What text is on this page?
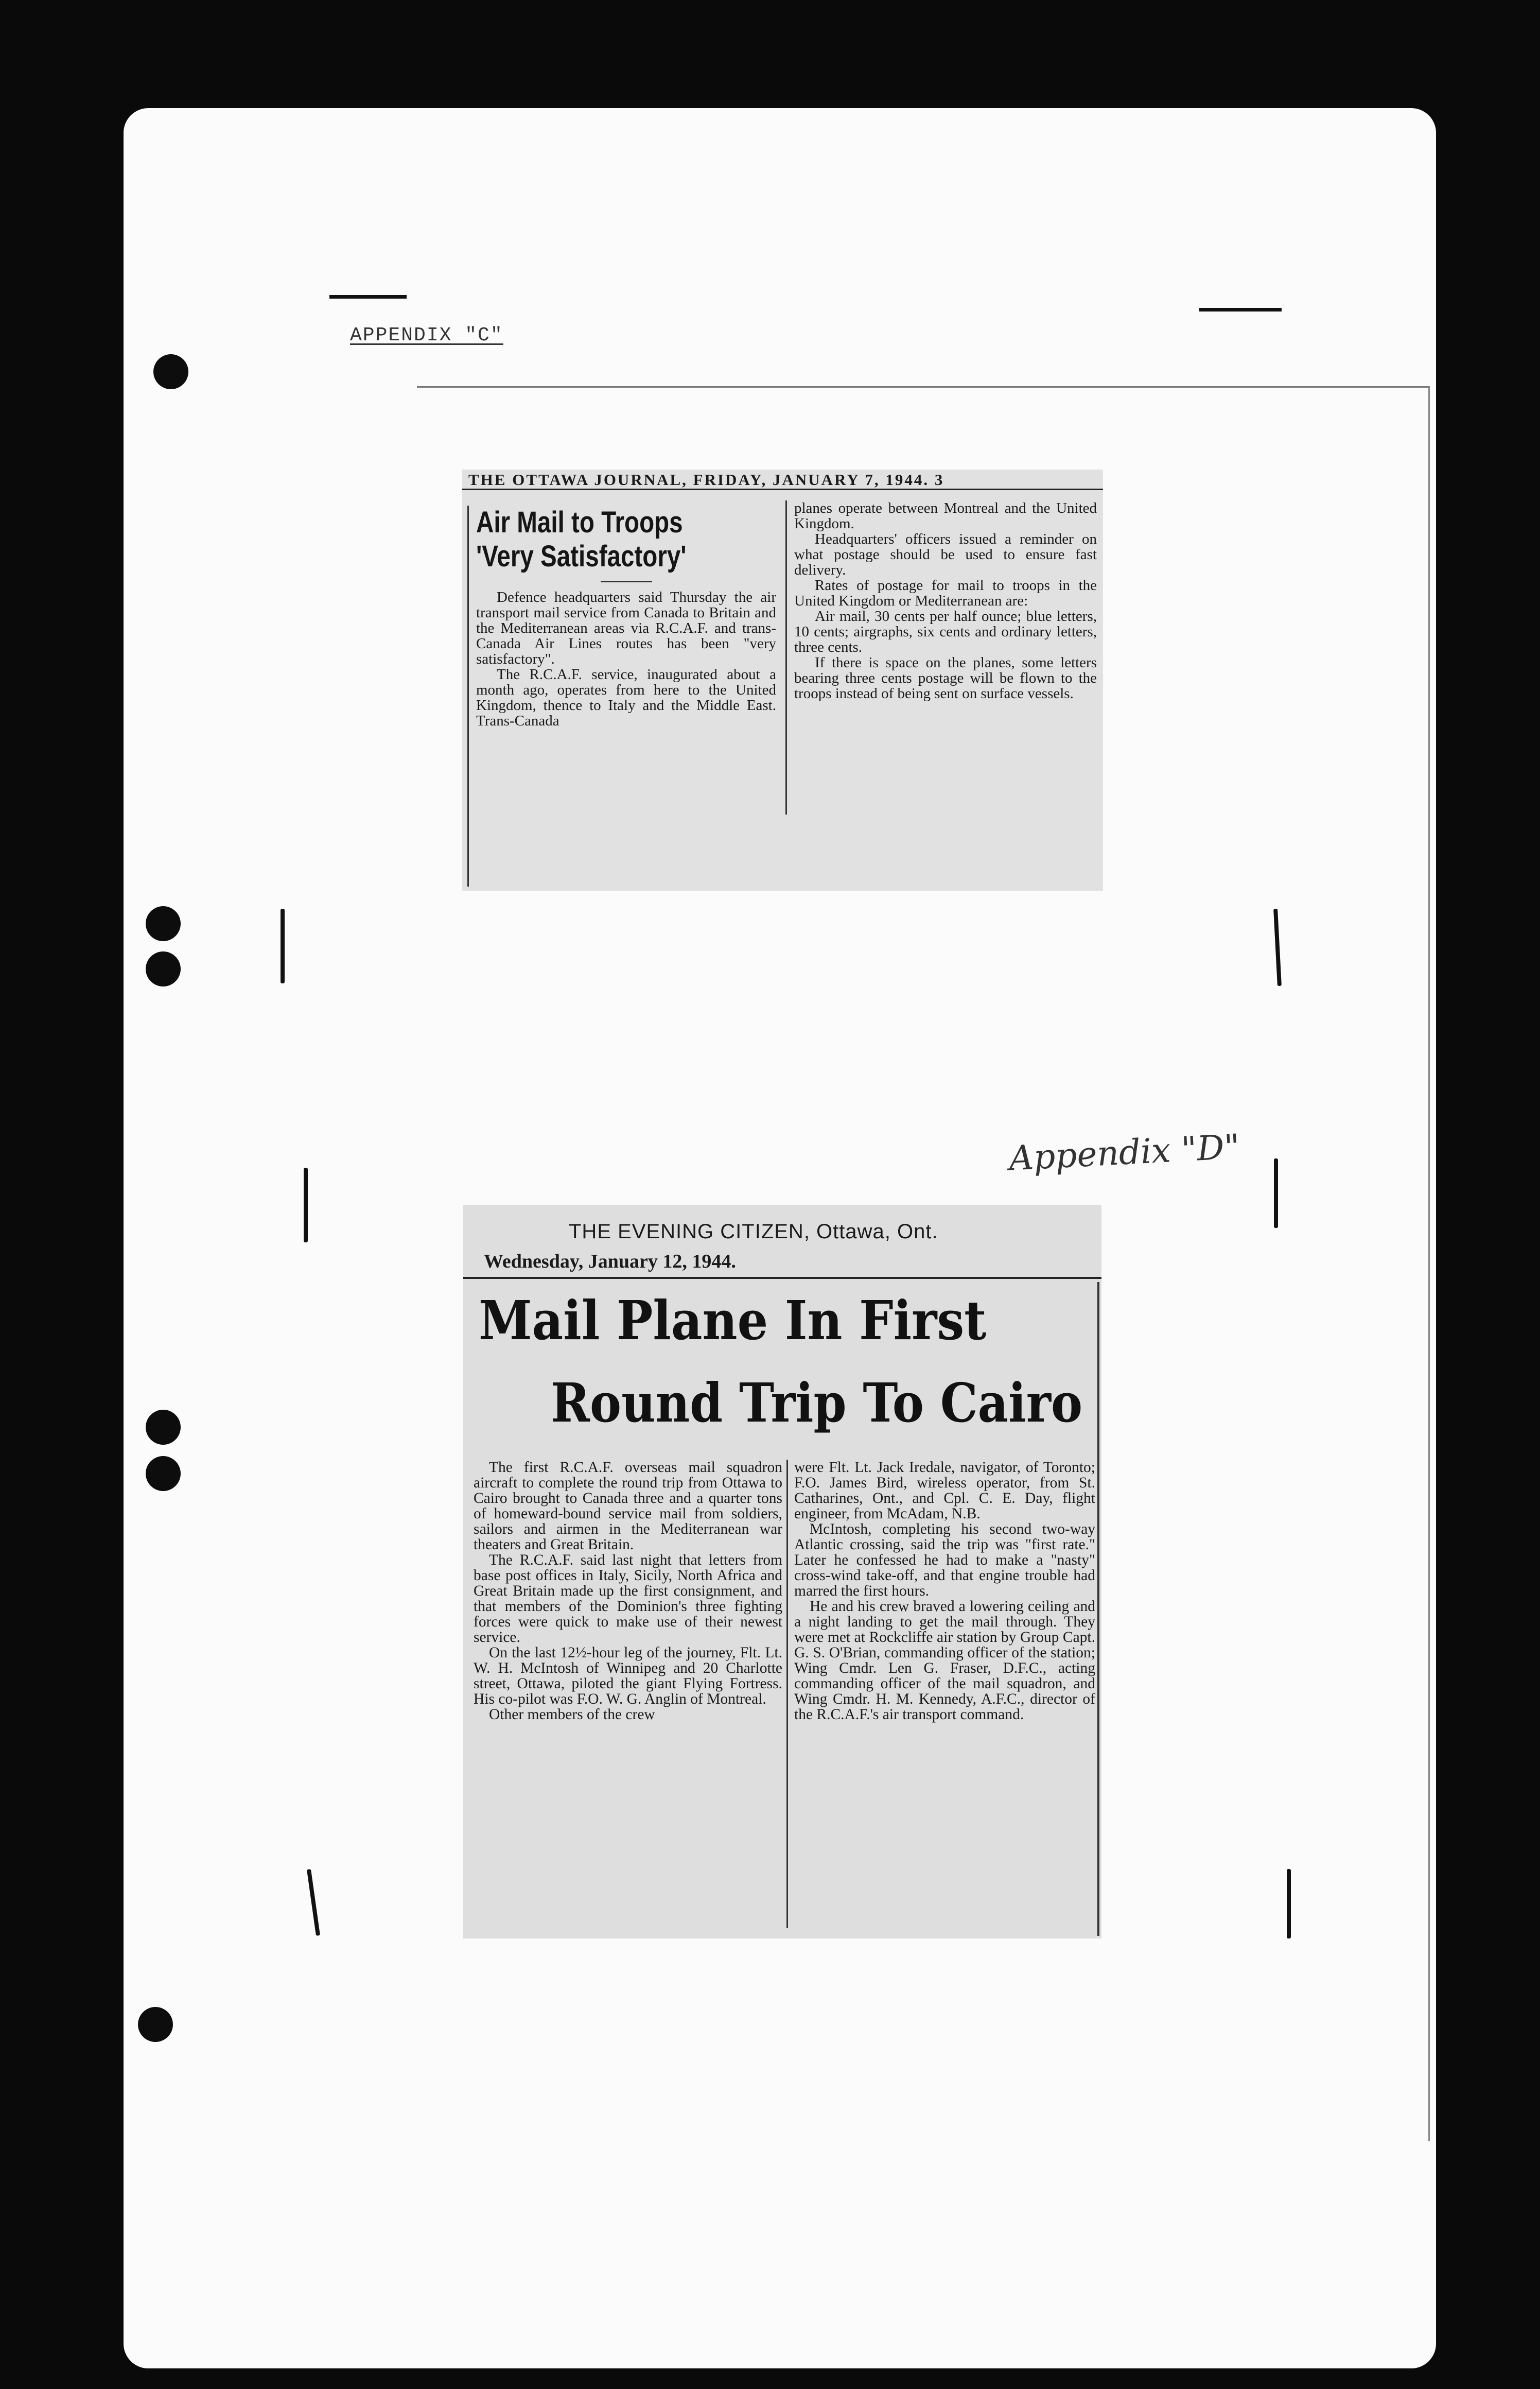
APPENDIX "C"
Appendix "D"
THE OTTAWA JOURNAL, FRIDAY, JANUARY 7, 1944. 3
Air Mail to Troops
'Very Satisfactory'

Defence headquarters said Thursday the air transport mail service from Canada to Britain and the Mediterranean areas via R.C.A.F. and trans-Canada Air Lines routes has been "very satisfactory".

The R.C.A.F. service, inaugurated about a month ago, operates from here to the United Kingdom, thence to Italy and the Middle East. Trans-Canada

planes operate between Montreal and the United Kingdom.

Headquarters' officers issued a reminder on what postage should be used to ensure fast delivery.

Rates of postage for mail to troops in the United Kingdom or Mediterranean are:

Air mail, 30 cents per half ounce; blue letters, 10 cents; airgraphs, six cents and ordinary letters, three cents.

If there is space on the planes, some letters bearing three cents postage will be flown to the troops instead of being sent on surface vessels.

THE EVENING CITIZEN, Ottawa, Ont.
Wednesday, January 12, 1944.
Mail Plane In First
Round Trip To Cairo

The first R.C.A.F. overseas mail squadron aircraft to complete the round trip from Ottawa to Cairo brought to Canada three and a quarter tons of homeward-bound service mail from soldiers, sailors and airmen in the Mediterranean war theaters and Great Britain.

The R.C.A.F. said last night that letters from base post offices in Italy, Sicily, North Africa and Great Britain made up the first consignment, and that members of the Dominion's three fighting forces were quick to make use of their newest service.

On the last 12½-hour leg of the journey, Flt. Lt. W. H. McIntosh of Winnipeg and 20 Charlotte street, Ottawa, piloted the giant Flying Fortress. His co-pilot was F.O. W. G. Anglin of Montreal.

Other members of the crew

were Flt. Lt. Jack Iredale, navigator, of Toronto; F.O. James Bird, wireless operator, from St. Catharines, Ont., and Cpl. C. E. Day, flight engineer, from McAdam, N.B.

McIntosh, completing his second two-way Atlantic crossing, said the trip was "first rate." Later he confessed he had to make a "nasty" cross-wind take-off, and that engine trouble had marred the first hours.

He and his crew braved a lowering ceiling and a night landing to get the mail through. They were met at Rockcliffe air station by Group Capt. G. S. O'Brian, commanding officer of the station; Wing Cmdr. Len G. Fraser, D.F.C., acting commanding officer of the mail squadron, and Wing Cmdr. H. M. Kennedy, A.F.C., director of the R.C.A.F.'s air transport command.
